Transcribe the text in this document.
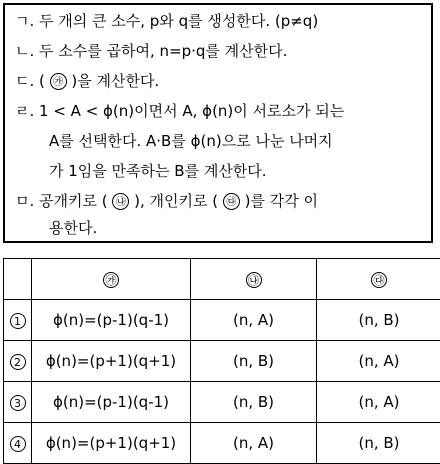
ㄱ. 두 개의 큰 소수, p와 q를 생성한다. (p≠q)
ㄴ. 두 소수를 곱하여, n=p·q를 계산한다.
ㄷ. ( ㉮ )을 계산한다.
ㄹ. 1 < A < ϕ(n)이면서 A, ϕ(n)이 서로소가 되는
A를 선택한다. A·B를 ϕ(n)으로 나눈 나머지
가 1임을 만족하는 B를 계산한다.
ㅁ. 공개키로 ( ㉯ ), 개인키로 ( ㉰ )를 각각 이
용한다.
	㉮	㉯	㉰
1	ϕ(n)=(p-1)(q-1)	(n, A)	(n, B)
2	ϕ(n)=(p+1)(q+1)	(n, B)	(n, A)
3	ϕ(n)=(p-1)(q-1)	(n, B)	(n, A)
4	ϕ(n)=(p+1)(q+1)	(n, A)	(n, B)
